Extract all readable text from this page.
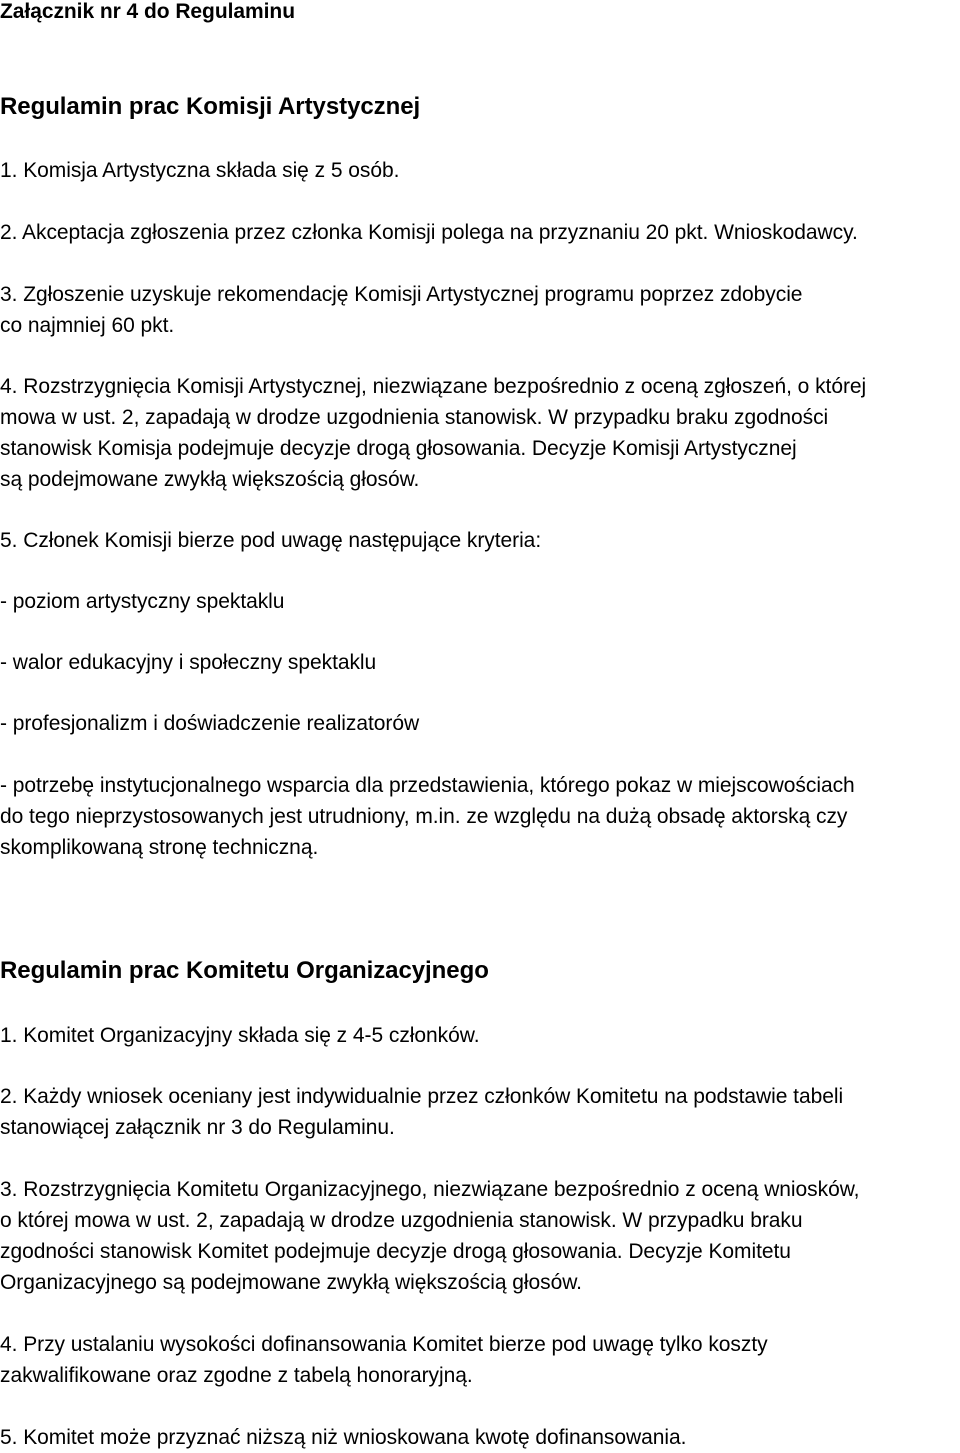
Załącznik nr 4 do Regulaminu
Regulamin prac Komisji Artystycznej
1. Komisja Artystyczna składa się z 5 osób.
2. Akceptacja zgłoszenia przez członka Komisji polega na przyznaniu 20 pkt. Wnioskodawcy.
3. Zgłoszenie uzyskuje rekomendację Komisji Artystycznej programu poprzez zdobycie
co najmniej 60 pkt.
4. Rozstrzygnięcia Komisji Artystycznej, niezwiązane bezpośrednio z oceną zgłoszeń, o której
mowa w ust. 2, zapadają w drodze uzgodnienia stanowisk. W przypadku braku zgodności
stanowisk Komisja podejmuje decyzje drogą głosowania. Decyzje Komisji Artystycznej
są podejmowane zwykłą większością głosów.
5. Członek Komisji bierze pod uwagę następujące kryteria:
- poziom artystyczny spektaklu
- walor edukacyjny i społeczny spektaklu
- profesjonalizm i doświadczenie realizatorów
- potrzebę instytucjonalnego wsparcia dla przedstawienia, którego pokaz w miejscowościach
do tego nieprzystosowanych jest utrudniony, m.in. ze względu na dużą obsadę aktorską czy
skomplikowaną stronę techniczną.
Regulamin prac Komitetu Organizacyjnego
1. Komitet Organizacyjny składa się z 4-5 członków.
2. Każdy wniosek oceniany jest indywidualnie przez członków Komitetu na podstawie tabeli
stanowiącej załącznik nr 3 do Regulaminu.
3. Rozstrzygnięcia Komitetu Organizacyjnego, niezwiązane bezpośrednio z oceną wniosków,
o której mowa w ust. 2, zapadają w drodze uzgodnienia stanowisk. W przypadku braku
zgodności stanowisk Komitet podejmuje decyzje drogą głosowania. Decyzje Komitetu
Organizacyjnego są podejmowane zwykłą większością głosów.
4. Przy ustalaniu wysokości dofinansowania Komitet bierze pod uwagę tylko koszty
zakwalifikowane oraz zgodne z tabelą honoraryjną.
5. Komitet może przyznać niższą niż wnioskowana kwotę dofinansowania.
